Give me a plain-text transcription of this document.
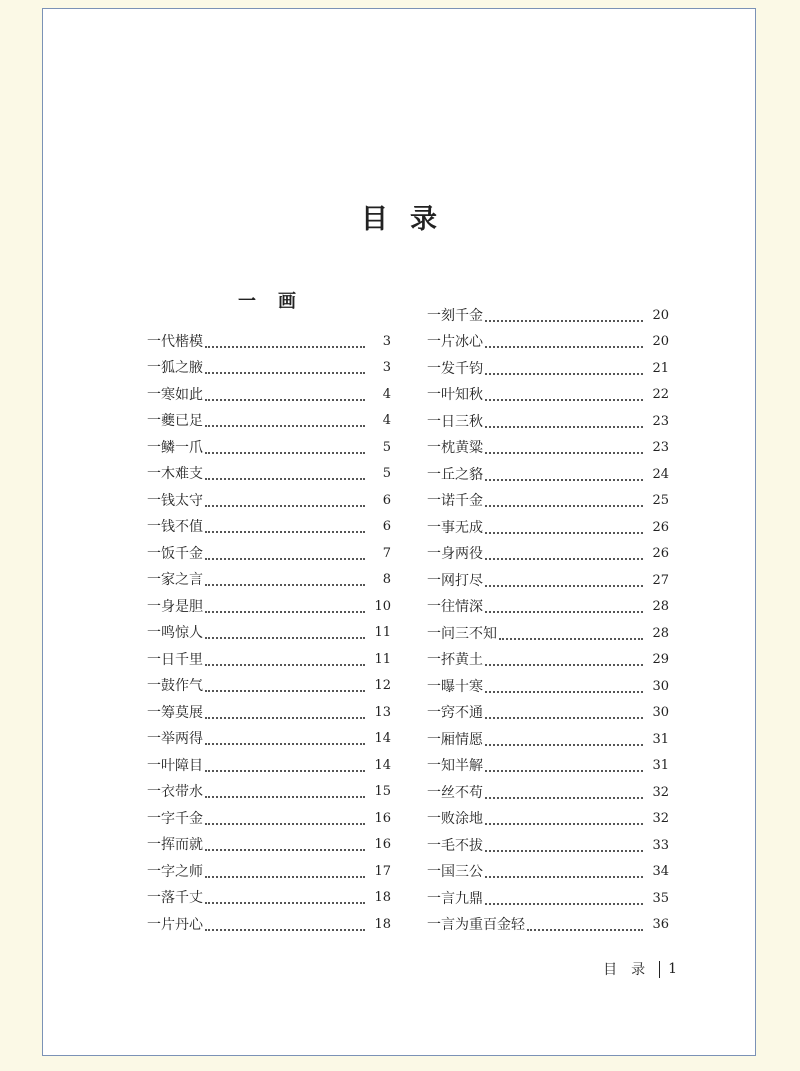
目录
一画
一代楷模	3
一狐之腋	3
一寒如此	4
一夔已足	4
一鳞一爪	5
一木难支	5
一钱太守	6
一钱不值	6
一饭千金	7
一家之言	8
一身是胆	10
一鸣惊人	11
一日千里	11
一鼓作气	12
一筹莫展	13
一举两得	14
一叶障目	14
一衣带水	15
一字千金	16
一挥而就	16
一字之师	17
一落千丈	18
一片丹心	18
一刻千金	20
一片冰心	20
一发千钧	21
一叶知秋	22
一日三秋	23
一枕黄粱	23
一丘之貉	24
一诺千金	25
一事无成	26
一身两役	26
一网打尽	27
一往情深	28
一问三不知	28
一抔黄土	29
一曝十寒	30
一窍不通	30
一厢情愿	31
一知半解	31
一丝不苟	32
一败涂地	32
一毛不拔	33
一国三公	34
一言九鼎	35
一言为重百金轻	36
目录 1
